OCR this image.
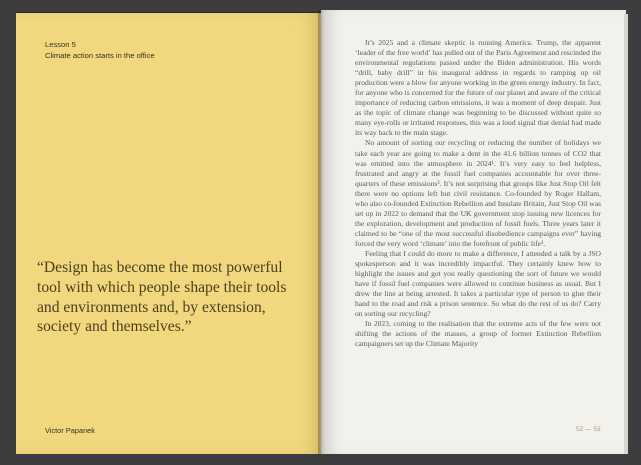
Lesson 5
Climate action starts in the office
“Design has become the most powerful tool with which people shape their tools and environments and, by extension, society and themselves.”
Victor Papanek

It’s 2025 and a climate skeptic is running America. Trump, the apparent ‘leader of the free world’ has pulled out of the Paris Agreement and rescinded the environmental regulations passed under the Biden administration. His words “drill, baby drill” in his inaugural address in regards to ramping up oil production were a blow for anyone working in the green energy industry. In fact, for anyone who is concerned for the future of our planet and aware of the critical importance of reducing carbon emissions, it was a moment of deep despair. Just as the topic of climate change was beginning to be discussed without quite so many eye-rolls or irritated responses, this was a loud signal that denial had made its way back to the main stage.

No amount of sorting our recycling or reducing the number of holidays we take each year are going to make a dent in the 41.6 billion tonnes of CO2 that was emitted into the atmosphere in 2024¹. It’s very easy to feel helpless, frustrated and angry at the fossil fuel companies accountable for over three-quarters of these emissions². It’s not surprising that groups like Just Stop Oil felt there were no options left but civil resistance. Co-founded by Roger Hallam, who also co-founded Extinction Rebellion and Insulate Britain, Just Stop Oil was set up in 2022 to demand that the UK government stop issuing new licences for the exploration, development and production of fossil fuels. Three years later it claimed to be “one of the most successful disobedience campaigns ever” having forced the very word ‘climate’ into the forefront of public life³.

Feeling that I could do more to make a difference, I attended a talk by a JSO spokesperson and it was incredibly impactful. They certainly knew how to highlight the issues and got you really questioning the sort of future we would have if fossil fuel companies were allowed to continue business as usual. But I drew the line at being arrested. It takes a particular type of person to glue their hand to the road and risk a prison sentence. So what do the rest of us do? Carry on sorting our recycling?

In 2023, coming to the realisation that the extreme acts of the few were not shifting the actions of the masses, a group of former Extinction Rebellion campaigners set up the Climate Majority

52 — 53
